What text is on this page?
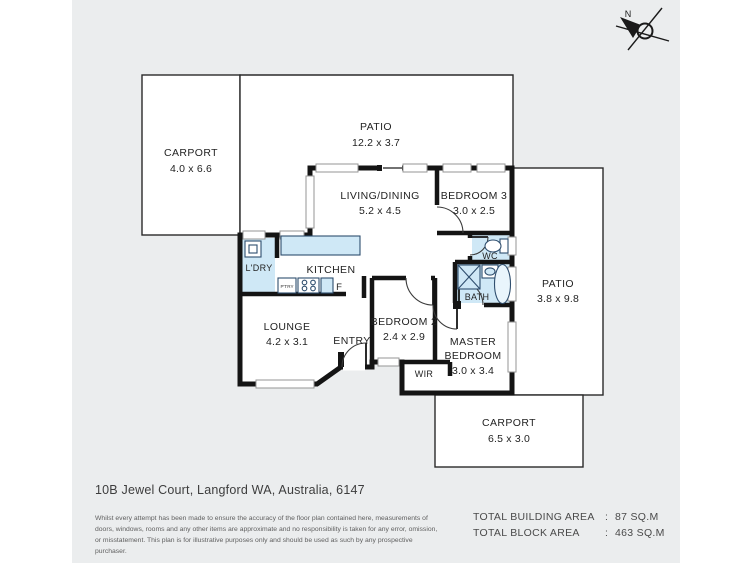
CARPORT
4.0 x 6.6
PATIO
12.2 x 3.7
LIVING/DINING
5.2 x 4.5
BEDROOM 3
3.0 x 2.5
L'DRY	KITCHEN
P'TRY	F
WC
BATH
PATIO
3.8 x 9.8
LOUNGE
4.2 x 3.1 ENTRY
BEDROOM 2
2.4 x 2.9 MASTER
BEDROOM
3.0 x 3.4
WIR
CARPORT
6.5 x 3.0
N
10B Jewel Court, Langford WA, Australia, 6147
Whilst every attempt has been made to ensure the accuracy of the floor plan contained here, measurements of doors, windows, rooms and any other items are approximate and no responsibility is taken for any error, omission, or misstatement. This plan is for illustrative purposes only and should be used as such by any prospective purchaser.
TOTAL BUILDING AREA : 87 SQ.M
TOTAL BLOCK AREA	: 463 SQ.M
